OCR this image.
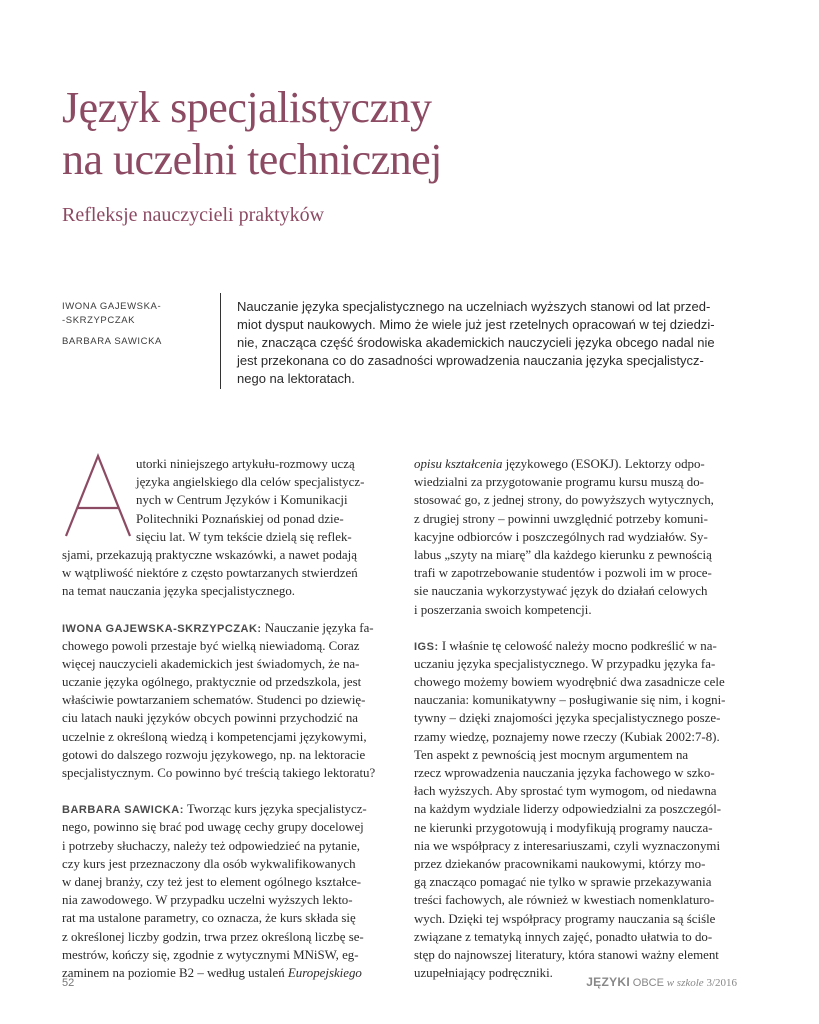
Język specjalistyczny
na uczelni technicznej
Refleksje nauczycieli praktyków
IWONA GAJEWSKA-
-SKRZYPCZAK
BARBARA SAWICKA
Nauczanie języka specjalistycznego na uczelniach wyższych stanowi od lat przed-
miot dysput naukowych. Mimo że wiele już jest rzetelnych opracowań w tej dziedzi-
nie, znacząca część środowiska akademickich nauczycieli języka obcego nadal nie
jest przekonana co do zasadności wprowadzenia nauczania języka specjalistycz-
nego na lektoratach.
utorki niniejszego artykułu-rozmowy uczą
języka angielskiego dla celów specjalistycz-
nych w Centrum Języków i Komunikacji
Politechniki Poznańskiej od ponad dzie-
sięciu lat. W tym tekście dzielą się reflek-
sjami, przekazują praktyczne wskazówki, a nawet podają
w wątpliwość niektóre z często powtarzanych stwierdzeń
na temat nauczania języka specjalistycznego.
IWONA GAJEWSKA-SKRZYPCZAK: Nauczanie języka fa-
chowego powoli przestaje być wielką niewiadomą. Coraz
więcej nauczycieli akademickich jest świadomych, że na-
uczanie języka ogólnego, praktycznie od przedszkola, jest
właściwie powtarzaniem schematów. Studenci po dziewię-
ciu latach nauki języków obcych powinni przychodzić na
uczelnie z określoną wiedzą i kompetencjami językowymi,
gotowi do dalszego rozwoju językowego, np. na lektoracie
specjalistycznym. Co powinno być treścią takiego lektoratu?
BARBARA SAWICKA: Tworząc kurs języka specjalistycz-
nego, powinno się brać pod uwagę cechy grupy docelowej
i potrzeby słuchaczy, należy też odpowiedzieć na pytanie,
czy kurs jest przeznaczony dla osób wykwalifikowanych
w danej branży, czy też jest to element ogólnego kształce-
nia zawodowego. W przypadku uczelni wyższych lekto-
rat ma ustalone parametry, co oznacza, że kurs składa się
z określonej liczby godzin, trwa przez określoną liczbę se-
mestrów, kończy się, zgodnie z wytycznymi MNiSW, eg-
zaminem na poziomie B2 – według ustaleń Europejskiego
opisu kształcenia językowego (ESOKJ). Lektorzy odpo-
wiedzialni za przygotowanie programu kursu muszą do-
stosować go, z jednej strony, do powyższych wytycznych,
z drugiej strony – powinni uwzględnić potrzeby komuni-
kacyjne odbiorców i poszczególnych rad wydziałów. Sy-
labus „szyty na miarę” dla każdego kierunku z pewnością
trafi w zapotrzebowanie studentów i pozwoli im w proce-
sie nauczania wykorzystywać język do działań celowych
i poszerzania swoich kompetencji.
IGS: I właśnie tę celowość należy mocno podkreślić w na-
uczaniu języka specjalistycznego. W przypadku języka fa-
chowego możemy bowiem wyodrębnić dwa zasadnicze cele
nauczania: komunikatywny – posługiwanie się nim, i kogni-
tywny – dzięki znajomości języka specjalistycznego posze-
rzamy wiedzę, poznajemy nowe rzeczy (Kubiak 2002:7-8).
Ten aspekt z pewnością jest mocnym argumentem na
rzecz wprowadzenia nauczania języka fachowego w szko-
łach wyższych. Aby sprostać tym wymogom, od niedawna
na każdym wydziale liderzy odpowiedzialni za poszczegól-
ne kierunki przygotowują i modyfikują programy naucza-
nia we współpracy z interesariuszami, czyli wyznaczonymi
przez dziekanów pracownikami naukowymi, którzy mo-
gą znacząco pomagać nie tylko w sprawie przekazywania
treści fachowych, ale również w kwestiach nomenklaturo-
wych. Dzięki tej współpracy programy nauczania są ściśle
związane z tematyką innych zajęć, ponadto ułatwia to do-
stęp do najnowszej literatury, która stanowi ważny element
uzupełniający podręczniki.
52	JĘZYKI OBCE w szkole 3/2016
